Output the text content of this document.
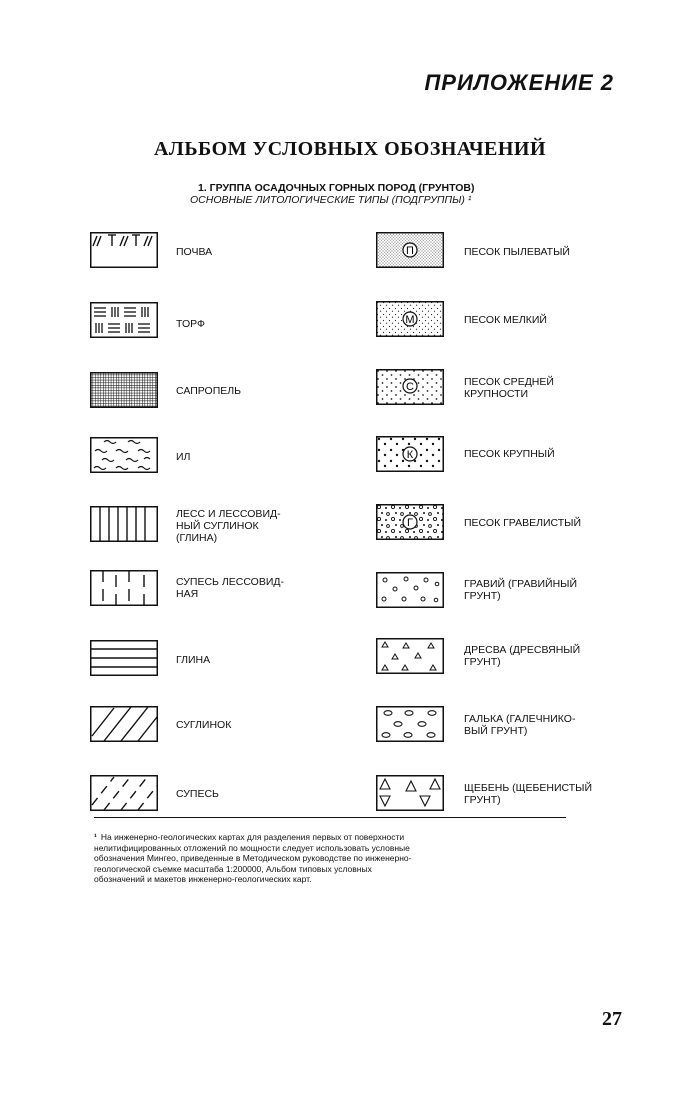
ПРИЛОЖЕНИЕ 2
АЛЬБОМ УСЛОВНЫХ ОБОЗНАЧЕНИЙ
1. ГРУППА ОСАДОЧНЫХ ГОРНЫХ ПОРОД (ГРУНТОВ)
ОСНОВНЫЕ ЛИТОЛОГИЧЕСКИЕ ТИПЫ (ПОДГРУППЫ) ¹
ПОЧВА
ТОРФ
САПРОПЕЛЬ
ИЛ
ЛЕСС И ЛЕССОВИД-
НЫЙ СУГЛИНОК
(ГЛИНА)
СУПЕСЬ ЛЕССОВИД-
НАЯ
ГЛИНА
СУГЛИНОК
СУПЕСЬ
П	ПЕСОК ПЫЛЕВАТЫЙ
М	ПЕСОК МЕЛКИЙ
С	ПЕСОК СРЕДНЕЙ
КРУПНОСТИ
К	ПЕСОК КРУПНЫЙ
Г	ПЕСОК ГРАВЕЛИСТЫЙ
ГРАВИЙ (ГРАВИЙНЫЙ
ГРУНТ)
ДРЕСВА (ДРЕСВЯНЫЙ
ГРУНТ)
ГАЛЬКА (ГАЛЕЧНИКО-
ВЫЙ ГРУНТ)
ЩЕБЕНЬ (ЩЕБЕНИСТЫЙ
ГРУНТ)
¹ На инженерно-геологических картах для разделения первых от поверхности нелитифицированных отложений по мощности следует использовать условные обозначения Мингео, приведенные в Методическом руководстве по инженерно-геологической съемке масштаба 1:200000, Альбом типовых условных обозначений и макетов инженерно-геологических карт.
27
